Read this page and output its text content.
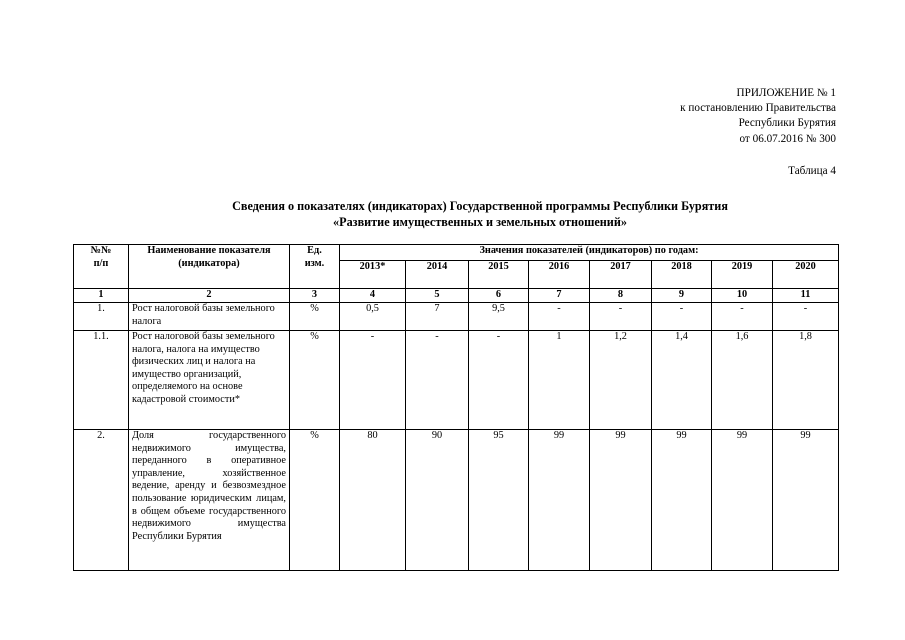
ПРИЛОЖЕНИЕ № 1
к постановлению Правительства
Республики Бурятия
от 06.07.2016 № 300
Таблица 4
Сведения о показателях (индикаторах) Государственной программы Республики Бурятия
«Развитие имущественных и земельных отношений»
№№ п/п	Наименование показателя (индикатора)	Ед. изм.	Значения показателей (индикаторов) по годам:							
			2013*	2014	2015	2016	2017	2018	2019	2020
1	2	3	4	5	6	7	8	9	10	11
1.	Рост налоговой базы земельного налога	%	0,5	7	9,5	-	-	-	-	-
1.1.	Рост налоговой базы земельного налога, налога на имущество физических лиц и налога на имущество организаций, определяемого на основе кадастровой стоимости*	%	-	-	-	1	1,2	1,4	1,6	1,8
2.	Доля государственного недвижимого имущества, переданного в оперативное управление, хозяйственное ведение, аренду и безвозмездное пользование юридическим лицам, в общем объеме государственного недвижимого имущества Республики Бурятия	%	80	90	95	99	99	99	99	99
